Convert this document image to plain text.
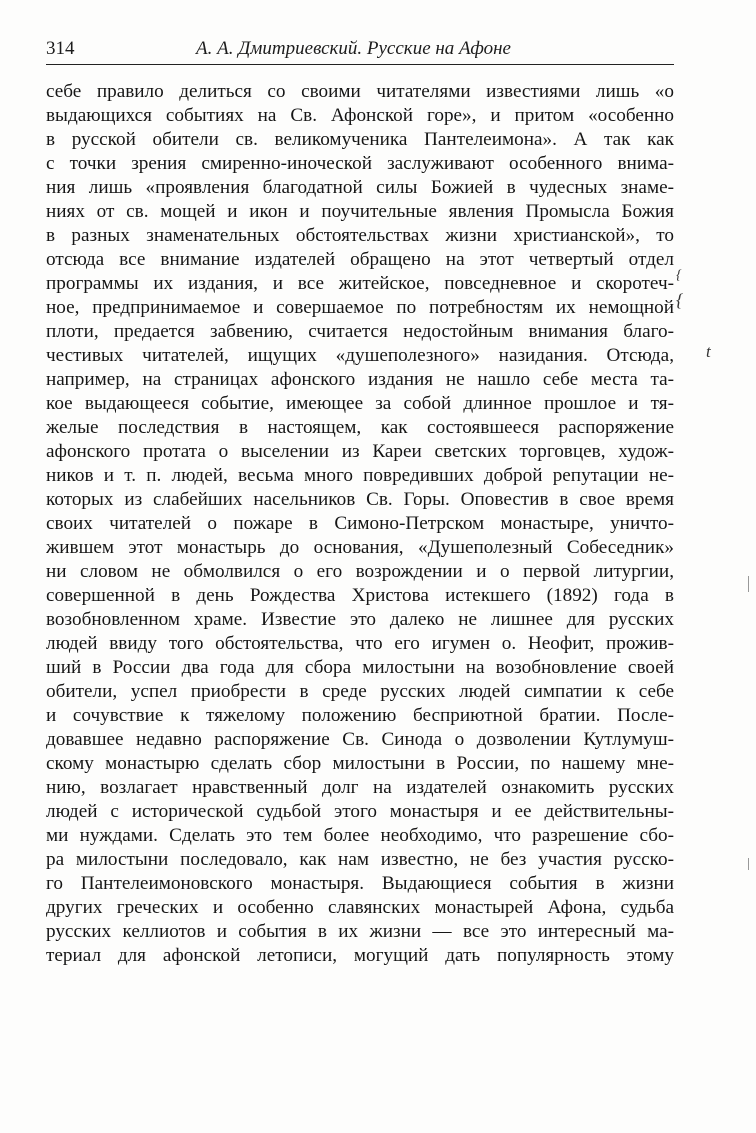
314	А. А. Дмитриевский. Русские на Афоне
себе правило делиться со своими читателями известиями лишь «о
выдающихся событиях на Св. Афонской горе», и притом «особенно
в русской обители св. великомученика Пантелеимона». А так как
с точки зрения смиренно-иноческой заслуживают особенного внима-
ния лишь «проявления благодатной силы Божией в чудесных знаме-
ниях от св. мощей и икон и поучительные явления Промысла Божия
в разных знаменательных обстоятельствах жизни христианской», то
отсюда все внимание издателей обращено на этот четвертый отдел
программы их издания, и все житейское, повседневное и скоротеч-
ное, предпринимаемое и совершаемое по потребностям их немощной
плоти, предается забвению, считается недостойным внимания благо-
честивых читателей, ищущих «душеполезного» назидания. Отсюда,
например, на страницах афонского издания не нашло себе места та-
кое выдающееся событие, имеющее за собой длинное прошлое и тя-
желые последствия в настоящем, как состоявшееся распоряжение
афонского протата о выселении из Кареи светских торговцев, худож-
ников и т. п. людей, весьма много повредивших доброй репутации не-
которых из слабейших насельников Св. Горы. Оповестив в свое время
своих читателей о пожаре в Симоно-Петрском монастыре, уничто-
жившем этот монастырь до основания, «Душеполезный Собеседник»
ни словом не обмолвился о его возрождении и о первой литургии,
совершенной в день Рождества Христова истекшего (1892) года в
возобновленном храме. Известие это далеко не лишнее для русских
людей ввиду того обстоятельства, что его игумен о. Неофит, прожив-
ший в России два года для сбора милостыни на возобновление своей
обители, успел приобрести в среде русских людей симпатии к себе
и сочувствие к тяжелому положению бесприютной братии. После-
довавшее недавно распоряжение Св. Синода о дозволении Кутлумуш-
скому монастырю сделать сбор милостыни в России, по нашему мне-
нию, возлагает нравственный долг на издателей ознакомить русских
людей с исторической судьбой этого монастыря и ее действительны-
ми нуждами. Сделать это тем более необходимо, что разрешение сбо-
ра милостыни последовало, как нам известно, не без участия русско-
го Пантелеимоновского монастыря. Выдающиеся события в жизни
других греческих и особенно славянских монастырей Афона, судьба
русских келлиотов и события в их жизни — все это интересный ма-
териал для афонской летописи, могущий дать популярность этому
{
{
t
